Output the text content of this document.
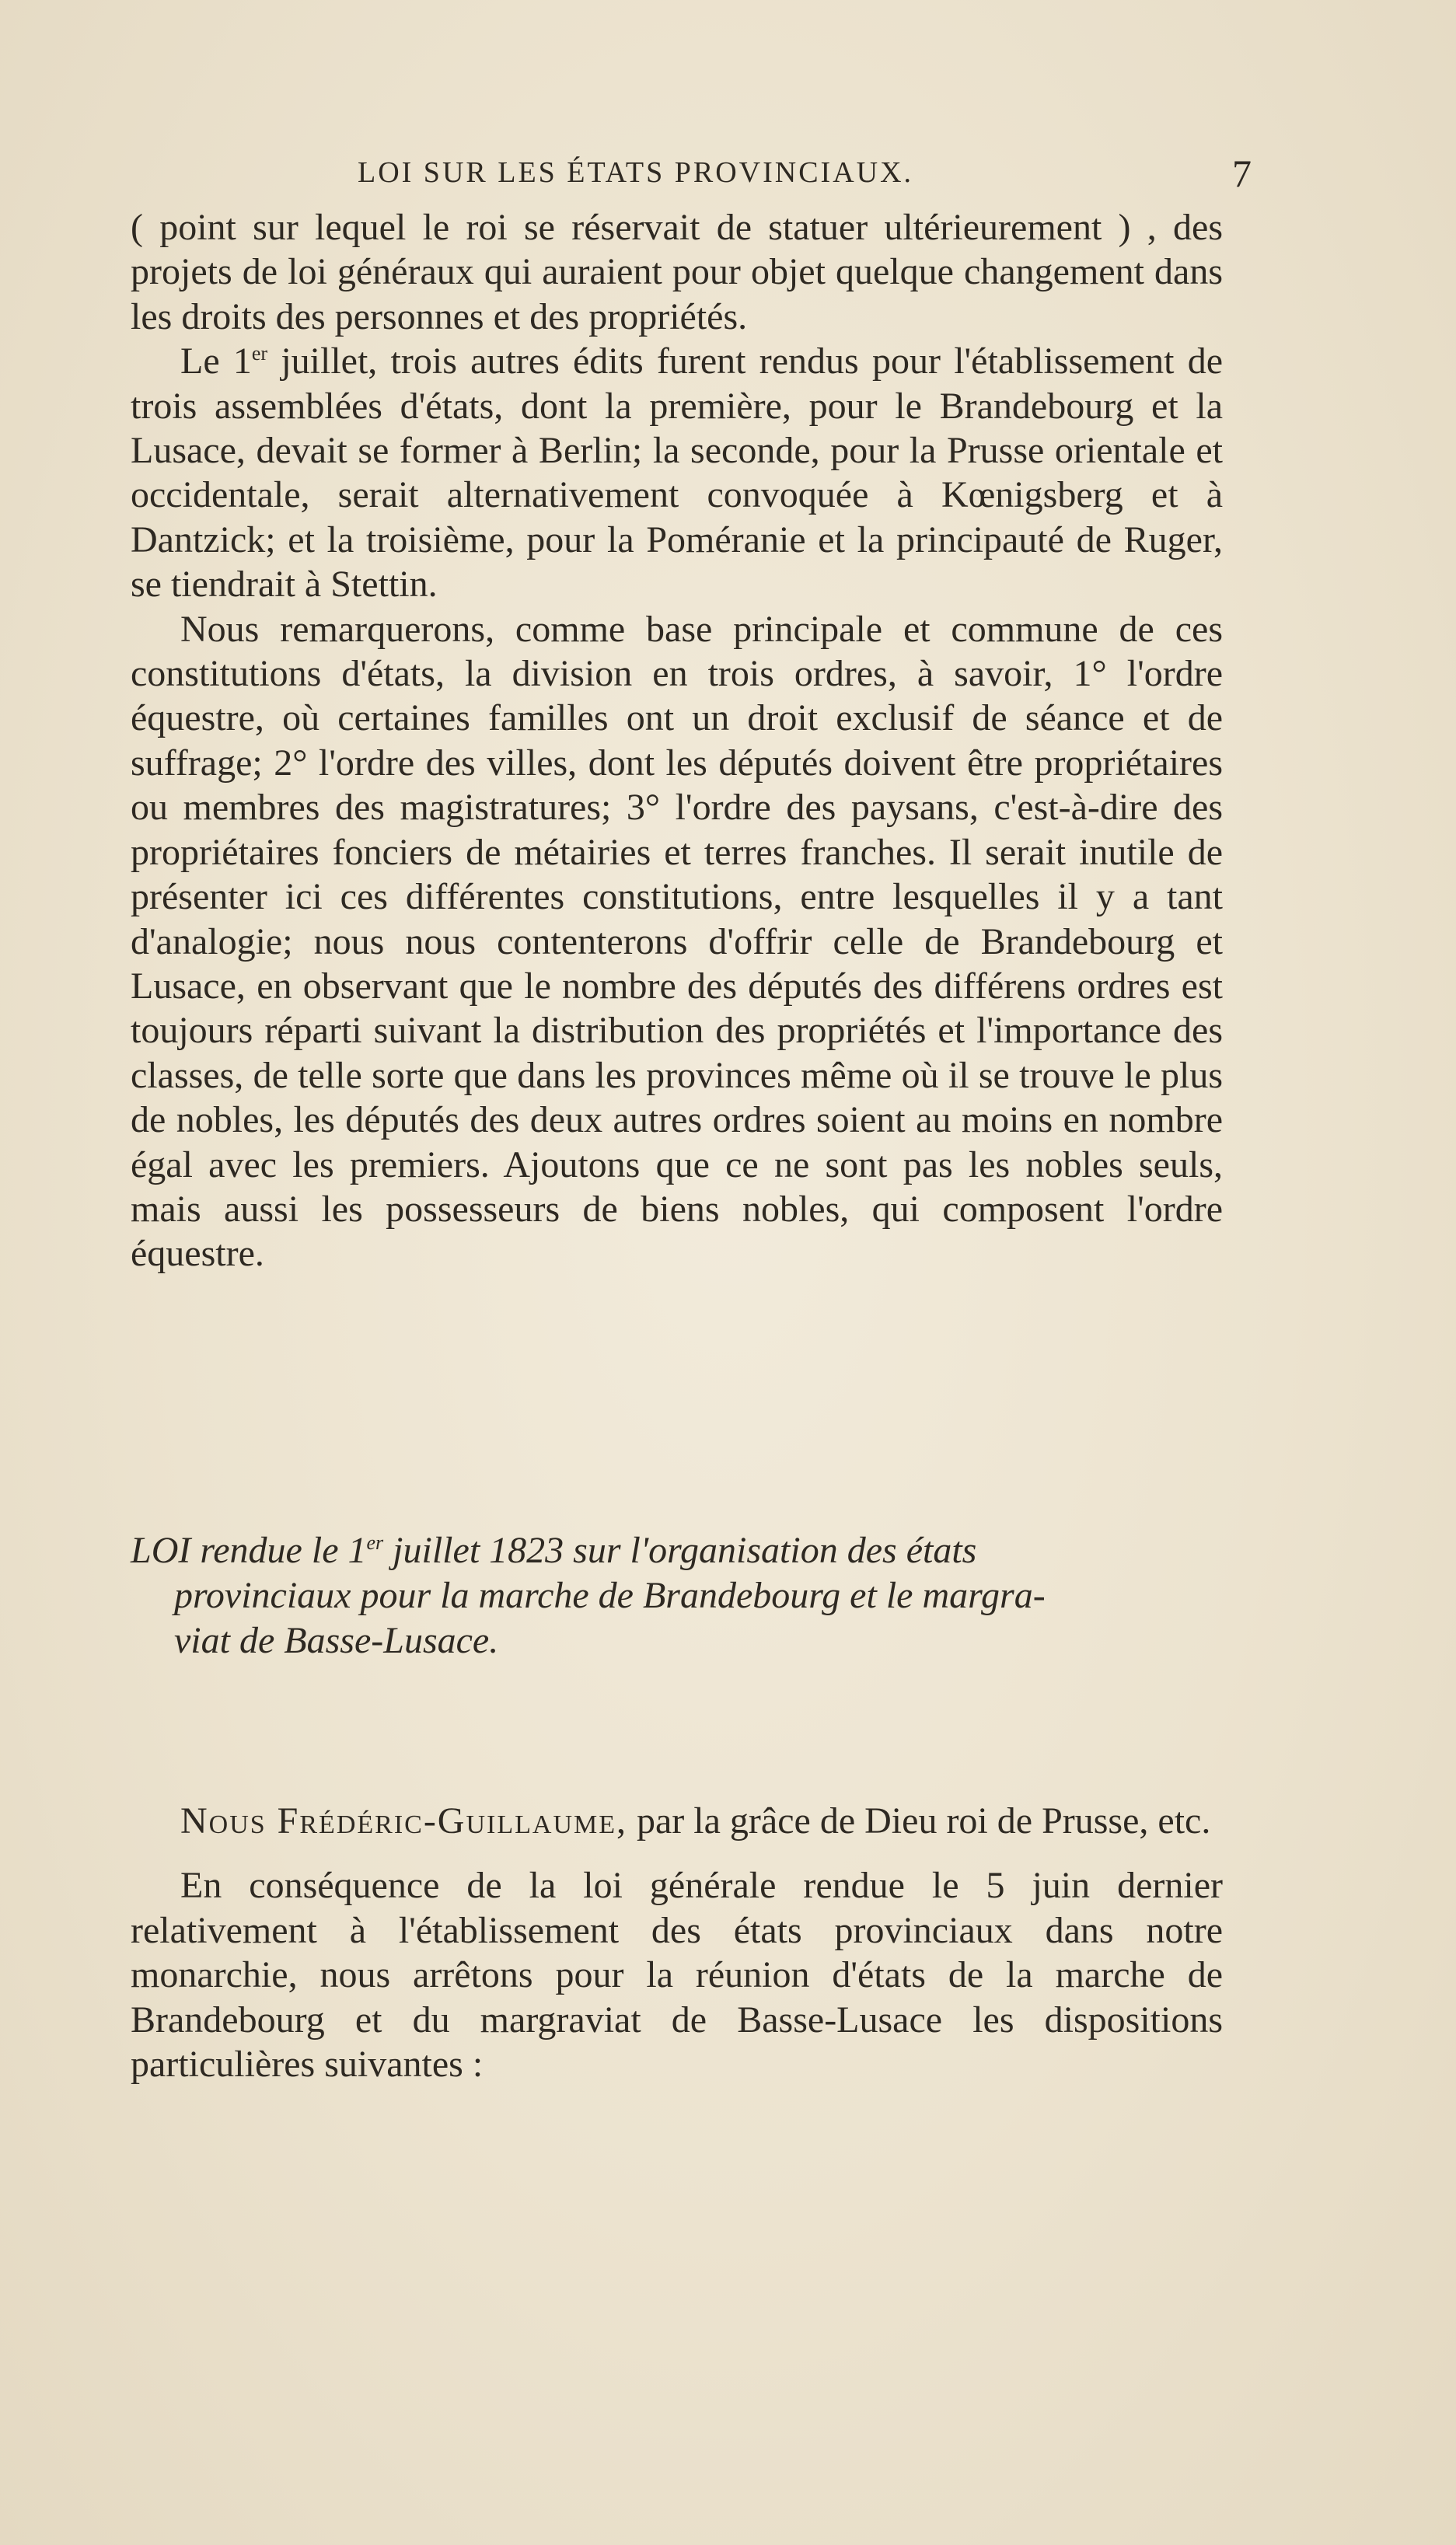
LOI SUR LES ÉTATS PROVINCIAUX.	7

( point sur lequel le roi se réservait de statuer ultérieurement ) , des projets de loi généraux qui auraient pour objet quelque changement dans les droits des personnes et des propriétés.

Le 1er juillet, trois autres édits furent rendus pour l'établissement de trois assemblées d'états, dont la première, pour le Brandebourg et la Lusace, devait se former à Berlin; la seconde, pour la Prusse orientale et occidentale, serait alternativement convoquée à Kœnigsberg et à Dantzick; et la troisième, pour la Poméranie et la principauté de Ruger, se tiendrait à Stettin.

Nous remarquerons, comme base principale et commune de ces constitutions d'états, la division en trois ordres, à savoir, 1° l'ordre équestre, où certaines familles ont un droit exclusif de séance et de suffrage; 2° l'ordre des villes, dont les députés doivent être propriétaires ou membres des magistratures; 3° l'ordre des paysans, c'est-à-dire des propriétaires fonciers de métairies et terres franches. Il serait inutile de présenter ici ces différentes constitutions, entre lesquelles il y a tant d'analogie; nous nous contenterons d'offrir celle de Brandebourg et Lusace, en observant que le nombre des députés des différens ordres est toujours réparti suivant la distribution des propriétés et l'importance des classes, de telle sorte que dans les provinces même où il se trouve le plus de nobles, les députés des deux autres ordres soient au moins en nombre égal avec les premiers. Ajoutons que ce ne sont pas les nobles seuls, mais aussi les possesseurs de biens nobles, qui composent l'ordre équestre.

LOI rendue le 1er juillet 1823 sur l'organisation des états
provinciaux pour la marche de Brandebourg et le margra-
viat de Basse-Lusace.

Nous Frédéric-Guillaume, par la grâce de Dieu roi de Prusse, etc.

En conséquence de la loi générale rendue le 5 juin dernier relativement à l'établissement des états provinciaux dans notre monarchie, nous arrêtons pour la réunion d'états de la marche de Brandebourg et du margraviat de Basse-Lusace les dispositions particulières suivantes :
